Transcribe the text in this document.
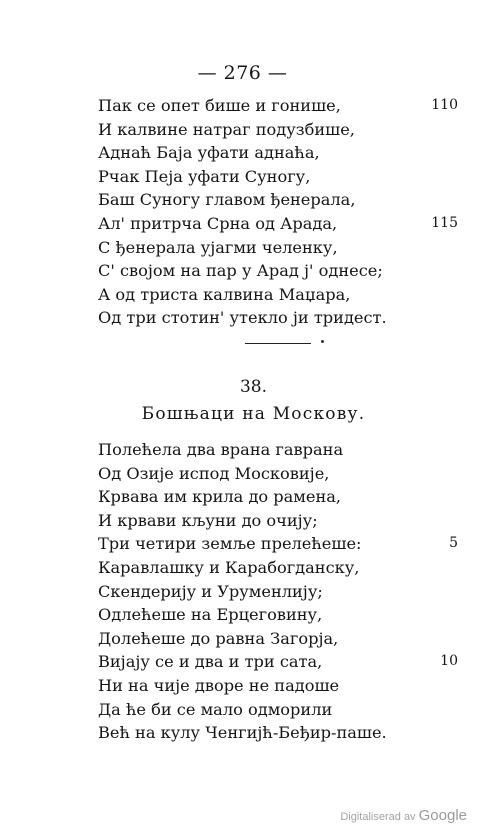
— 276 —
Пак се опет бише и гонише,	110
И калвине натраг подузбише,
Аднаћ Баја уфати аднаћа,
Рчак Пеја уфати Суногу,
Баш Суногу главом ђенерала,
Ал' притрча Срна од Арада,	115
С ђенерала ујагми челенку,
С' својом на пар у Арад ј' однесе;
А од триста калвина Маџара,
Од три стотин' утекло ји тридест.
38.
Бошњаци на Москову.
Полећела два врана гаврана
Од Озије испод Московије,
Крвава им крила до рамена,
И крвави кљуни до очију;
Три четири земље прелећеше:	5
Каравлашку и Карабогданску,
Скендерију и Уруменлију;
Одлећеше на Ерцеговину,
Долећеше до равна Загорја,
Вијају се и два и три сата,	10
Ни на чије дворе не падоше
Да ће би се мало одморили
Већ на кулу Ченгијћ-Беђир-паше.
Digitaliserad av Google
